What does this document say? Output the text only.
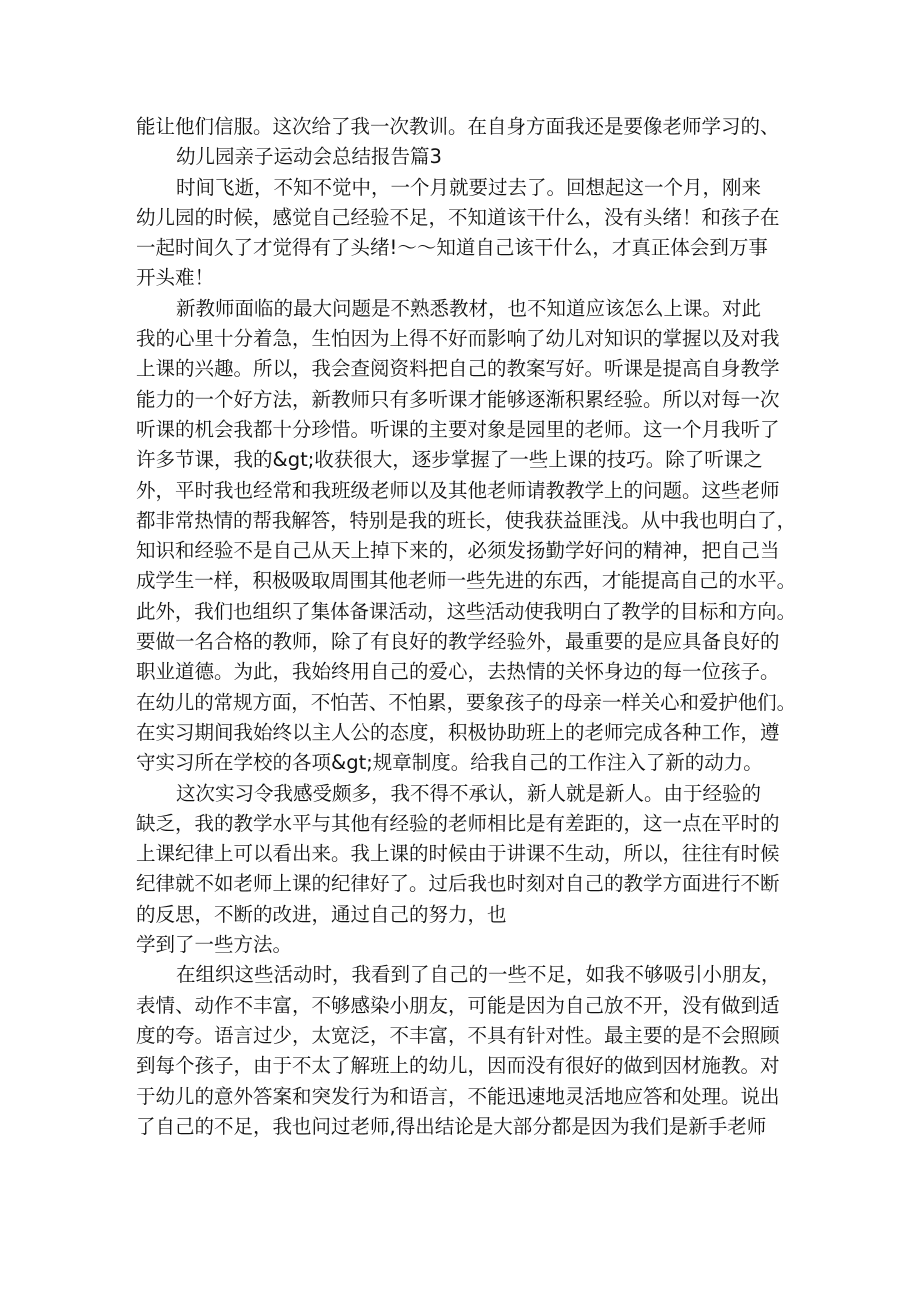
能让他们信服。这次给了我一次教训。在自身方面我还是要像老师学习的、
幼儿园亲子运动会总结报告篇3
时间飞逝，不知不觉中，一个月就要过去了。回想起这一个月，刚来
幼儿园的时候，感觉自己经验不足，不知道该干什么，没有头绪！和孩子在
一起时间久了才觉得有了头绪!〜〜知道自己该干什么，才真正体会到万事
开头难！
新教师面临的最大问题是不熟悉教材，也不知道应该怎么上课。对此
我的心里十分着急，生怕因为上得不好而影响了幼儿对知识的掌握以及对我
上课的兴趣。所以，我会查阅资料把自己的教案写好。听课是提高自身教学
能力的一个好方法，新教师只有多听课才能够逐渐积累经验。所以对每一次
听课的机会我都十分珍惜。听课的主要对象是园里的老师。这一个月我听了
许多节课，我的&gt;收获很大，逐步掌握了一些上课的技巧。除了听课之
外，平时我也经常和我班级老师以及其他老师请教教学上的问题。这些老师
都非常热情的帮我解答，特别是我的班长，使我获益匪浅。从中我也明白了，
知识和经验不是自己从天上掉下来的，必须发扬勤学好问的精神，把自己当
成学生一样，积极吸取周围其他老师一些先进的东西，才能提高自己的水平。
此外，我们也组织了集体备课活动，这些活动使我明白了教学的目标和方向。
要做一名合格的教师，除了有良好的教学经验外，最重要的是应具备良好的
职业道德。为此，我始终用自己的爱心，去热情的关怀身边的每一位孩子。
在幼儿的常规方面，不怕苦、不怕累，要象孩子的母亲一样关心和爱护他们。
在实习期间我始终以主人公的态度，积极协助班上的老师完成各种工作，遵
守实习所在学校的各项&gt;规章制度。给我自己的工作注入了新的动力。
这次实习令我感受颇多，我不得不承认，新人就是新人。由于经验的
缺乏，我的教学水平与其他有经验的老师相比是有差距的，这一点在平时的
上课纪律上可以看出来。我上课的时候由于讲课不生动，所以，往往有时候
纪律就不如老师上课的纪律好了。过后我也时刻对自己的教学方面进行不断
的反思，不断的改进，通过自己的努力，也
学到了一些方法。
在组织这些活动时，我看到了自己的一些不足，如我不够吸引小朋友，
表情、动作不丰富，不够感染小朋友，可能是因为自己放不开，没有做到适
度的夸。语言过少，太宽泛，不丰富，不具有针对性。最主要的是不会照顾
到每个孩子，由于不太了解班上的幼儿，因而没有很好的做到因材施教。对
于幼儿的意外答案和突发行为和语言，不能迅速地灵活地应答和处理。说出
了自己的不足，我也问过老师,得出结论是大部分都是因为我们是新手老师
